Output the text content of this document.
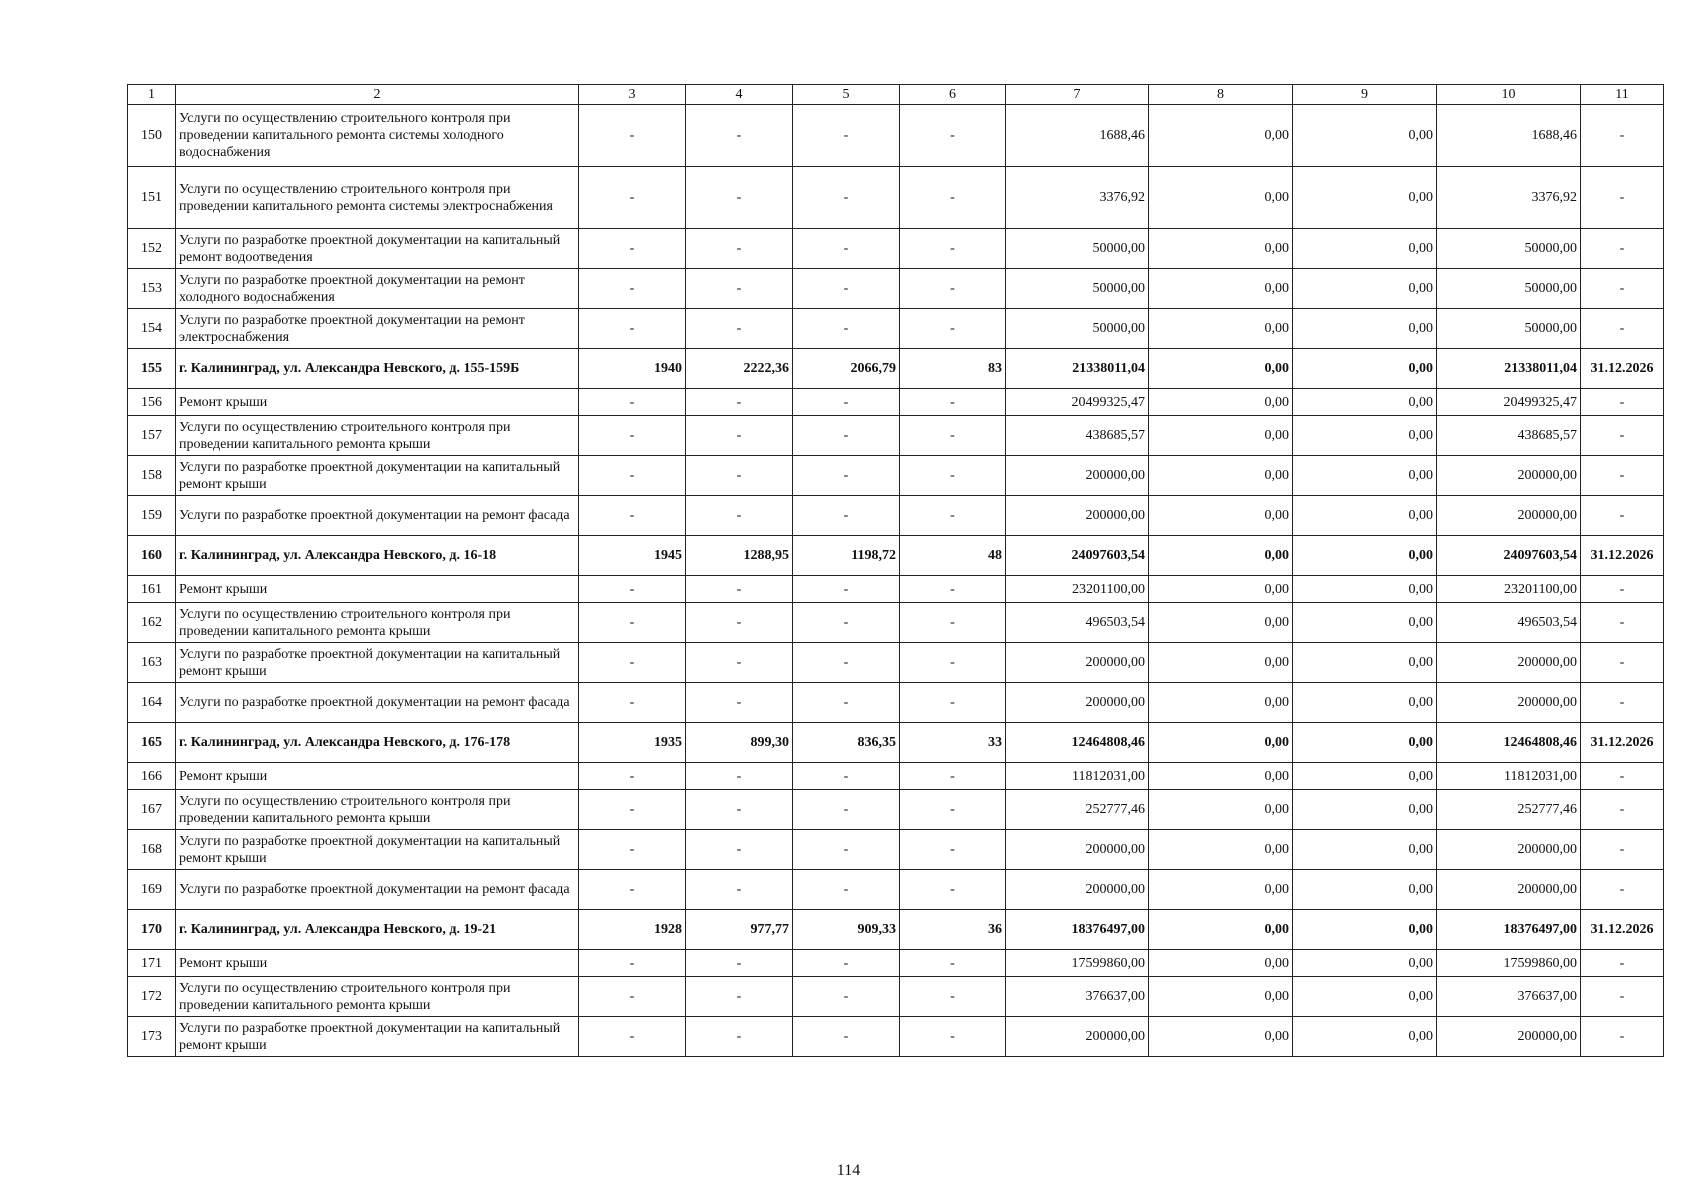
1	2	3	4	5	6	7	8	9	10	11
150	Услуги по осуществлению строительного контроля при проведении капитального ремонта системы холодного водоснабжения	-	-	-	-	1688,46	0,00	0,00	1688,46	-
151	Услуги по осуществлению строительного контроля при проведении капитального ремонта системы электроснабжения	-	-	-	-	3376,92	0,00	0,00	3376,92	-
152	Услуги по разработке проектной документации на капитальный ремонт водоотведения	-	-	-	-	50000,00	0,00	0,00	50000,00	-
153	Услуги по разработке проектной документации на ремонт холодного водоснабжения	-	-	-	-	50000,00	0,00	0,00	50000,00	-
154	Услуги по разработке проектной документации на ремонт электроснабжения	-	-	-	-	50000,00	0,00	0,00	50000,00	-
155	г. Калининград, ул. Александра Невского, д. 155-159Б	1940	2222,36	2066,79	83	21338011,04	0,00	0,00	21338011,04	31.12.2026
156	Ремонт крыши	-	-	-	-	20499325,47	0,00	0,00	20499325,47	-
157	Услуги по осуществлению строительного контроля при проведении капитального ремонта крыши	-	-	-	-	438685,57	0,00	0,00	438685,57	-
158	Услуги по разработке проектной документации на капитальный ремонт крыши	-	-	-	-	200000,00	0,00	0,00	200000,00	-
159	Услуги по разработке проектной документации на ремонт фасада	-	-	-	-	200000,00	0,00	0,00	200000,00	-
160	г. Калининград, ул. Александра Невского, д. 16-18	1945	1288,95	1198,72	48	24097603,54	0,00	0,00	24097603,54	31.12.2026
161	Ремонт крыши	-	-	-	-	23201100,00	0,00	0,00	23201100,00	-
162	Услуги по осуществлению строительного контроля при проведении капитального ремонта крыши	-	-	-	-	496503,54	0,00	0,00	496503,54	-
163	Услуги по разработке проектной документации на капитальный ремонт крыши	-	-	-	-	200000,00	0,00	0,00	200000,00	-
164	Услуги по разработке проектной документации на ремонт фасада	-	-	-	-	200000,00	0,00	0,00	200000,00	-
165	г. Калининград, ул. Александра Невского, д. 176-178	1935	899,30	836,35	33	12464808,46	0,00	0,00	12464808,46	31.12.2026
166	Ремонт крыши	-	-	-	-	11812031,00	0,00	0,00	11812031,00	-
167	Услуги по осуществлению строительного контроля при проведении капитального ремонта крыши	-	-	-	-	252777,46	0,00	0,00	252777,46	-
168	Услуги по разработке проектной документации на капитальный ремонт крыши	-	-	-	-	200000,00	0,00	0,00	200000,00	-
169	Услуги по разработке проектной документации на ремонт фасада	-	-	-	-	200000,00	0,00	0,00	200000,00	-
170	г. Калининград, ул. Александра Невского, д. 19-21	1928	977,77	909,33	36	18376497,00	0,00	0,00	18376497,00	31.12.2026
171	Ремонт крыши	-	-	-	-	17599860,00	0,00	0,00	17599860,00	-
172	Услуги по осуществлению строительного контроля при проведении капитального ремонта крыши	-	-	-	-	376637,00	0,00	0,00	376637,00	-
173	Услуги по разработке проектной документации на капитальный ремонт крыши	-	-	-	-	200000,00	0,00	0,00	200000,00	-
114
